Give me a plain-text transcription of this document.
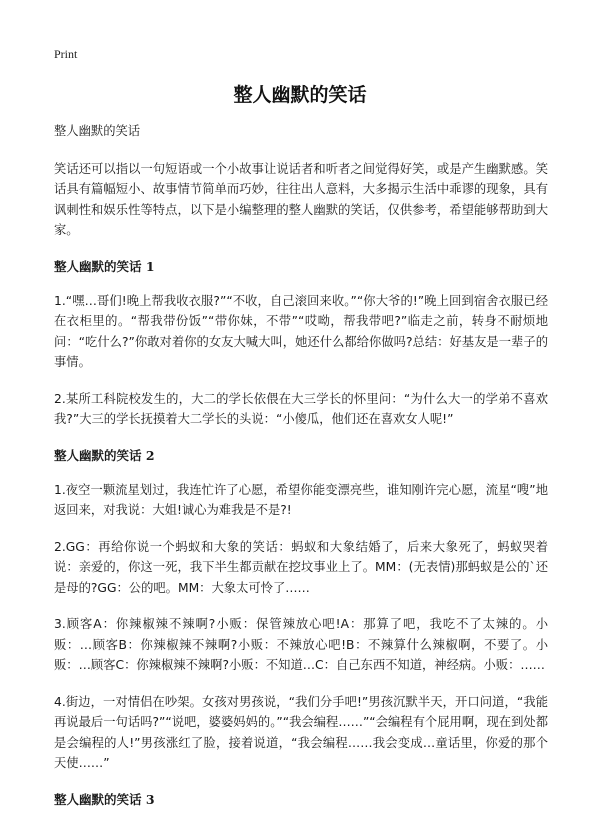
Print
整人幽默的笑话

整人幽默的笑话

笑话还可以指以一句短语或一个小故事让说话者和听者之间觉得好笑，或是产生幽默感。笑话具有篇幅短小、故事情节简单而巧妙，往往出人意料，大多揭示生活中乖谬的现象，具有讽刺性和娱乐性等特点，以下是小编整理的整人幽默的笑话，仅供参考，希望能够帮助到大家。

整人幽默的笑话 1

1.“嘿…哥们!晚上帮我收衣服?”“不收，自己滚回来收。”“你大爷的!”晚上回到宿舍衣服已经在衣柜里的。“帮我带份饭”“带你妹，不带”“哎呦，帮我带吧?”临走之前，转身不耐烦地问：“吃什么?”你敢对着你的女友大喊大叫，她还什么都给你做吗?总结：好基友是一辈子的事情。

2.某所工科院校发生的，大二的学长依偎在大三学长的怀里问：“为什么大一的学弟不喜欢我?”大三的学长抚摸着大二学长的头说：“小傻瓜，他们还在喜欢女人呢!”

整人幽默的笑话 2

1.夜空一颗流星划过，我连忙许了心愿，希望你能变漂亮些，谁知刚许完心愿，流星“嗖”地返回来，对我说：大姐!诚心为难我是不是?!

2.GG：再给你说一个蚂蚁和大象的笑话：蚂蚁和大象结婚了，后来大象死了，蚂蚁哭着说：亲爱的，你这一死，我下半生都贡献在挖坟事业上了。MM：(无表情)那蚂蚁是公的`还是母的?GG：公的吧。MM：大象太可怜了……

3.顾客A：你辣椒辣不辣啊?小贩：保管辣放心吧!A：那算了吧，我吃不了太辣的。小贩：…顾客B：你辣椒辣不辣啊?小贩：不辣放心吧!B：不辣算什么辣椒啊，不要了。小贩：…顾客C：你辣椒辣不辣啊?小贩：不知道…C：自己东西不知道，神经病。小贩：……

4.街边，一对情侣在吵架。女孩对男孩说，“我们分手吧!”男孩沉默半天，开口问道，“我能再说最后一句话吗?”“说吧，婆婆妈妈的。”“我会编程……”“会编程有个屁用啊，现在到处都是会编程的人!”男孩涨红了脸，接着说道，“我会编程……我会变成…童话里，你爱的那个天使……”

整人幽默的笑话 3
